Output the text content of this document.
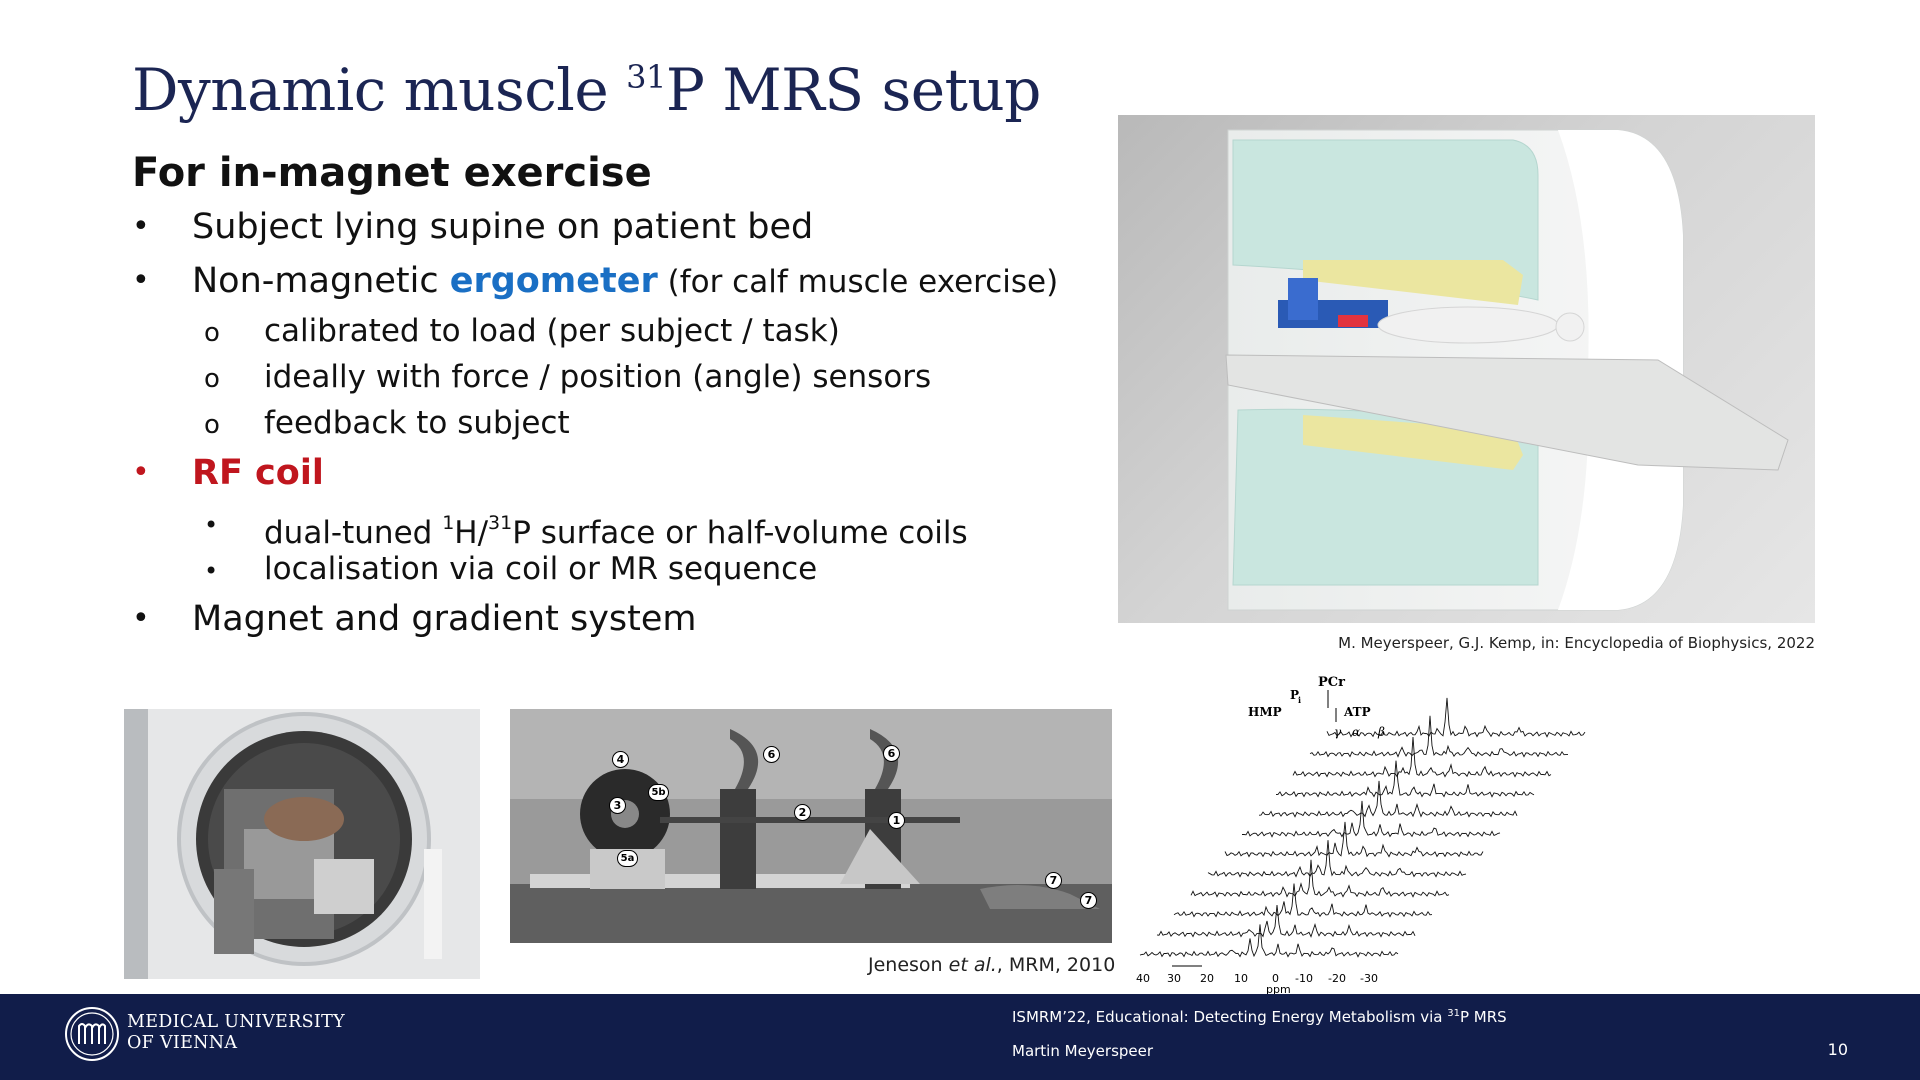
Dynamic muscle $^{31}$P MRS setup
For in-magnet exercise
• Subject lying supine on patient bed
• Non-magnetic ergometer (for calf muscle exercise)
o calibrated to load (per subject / task)
o ideally with force / position (angle) sensors
o feedback to subject
• RF coil
• dual-tuned $^1$H/$^{31}$P surface or half-volume coils
• localisation via coil or MR sequence
• Magnet and gradient system
M. Meyerspeer, G.J. Kemp, in: Encyclopedia of Biophysics, 2022
4	6	6
5b
3
2
1
5a
7
7
Jeneson et al., MRM, 2010
PCr
P
i
HMP	ATP
γ α β
40 30 20 10 0 -10 -20 -30
ppm
MEDICAL UNIVERSITY
OF VIENNA
ISMRM’22, Educational: Detecting Energy Metabolism via $^{31}$P MRS
Martin Meyerspeer	10
